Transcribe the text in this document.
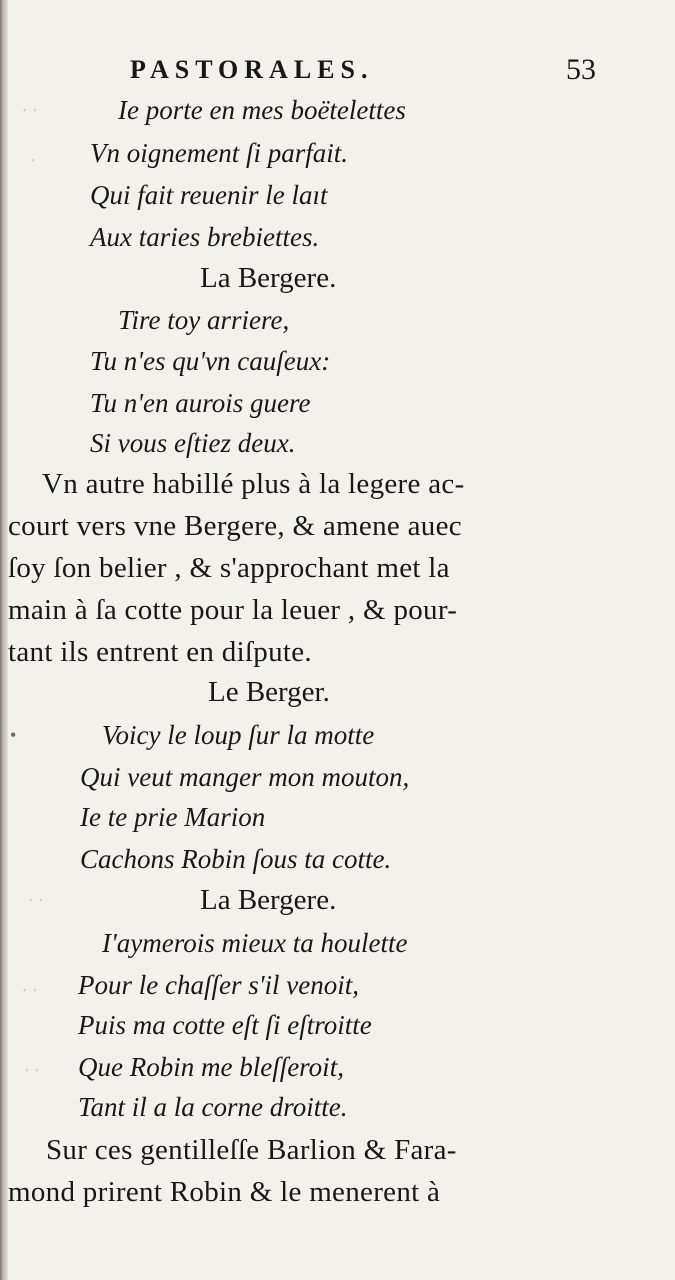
· ·
·
· ·
· ·
· ·
•
PASTORALES.	53
Ie porte en mes boëtelettes
Vn oignement ſi parfait.
Qui fait reuenir le laıt
Aux taries brebiettes.
La Bergere.
Tire toy arriere,
Tu n'es qu'vn cauſeux:
Tu n'en aurois guere
Si vous eſtiez deux.
Vn autre habillé plus à la legere ac-
court vers vne Bergere, & amene auec
ſoy ſon belier , & s'approchant met la
main à ſa cotte pour la leuer , & pour-
tant ils entrent en diſpute.
Le Berger.
Voicy le loup ſur la motte
Qui veut manger mon mouton,
Ie te prie Marion
Cachons Robin ſous ta cotte.
La Bergere.
I'aymerois mieux ta houlette
Pour le chaſſer s'il venoit,
Puis ma cotte eſt ſi eſtroitte
Que Robin me bleſſeroit,
Tant il a la corne droitte.
Sur ces gentilleſſe Barlion & Fara-
mond prirent Robin & le menerent à
